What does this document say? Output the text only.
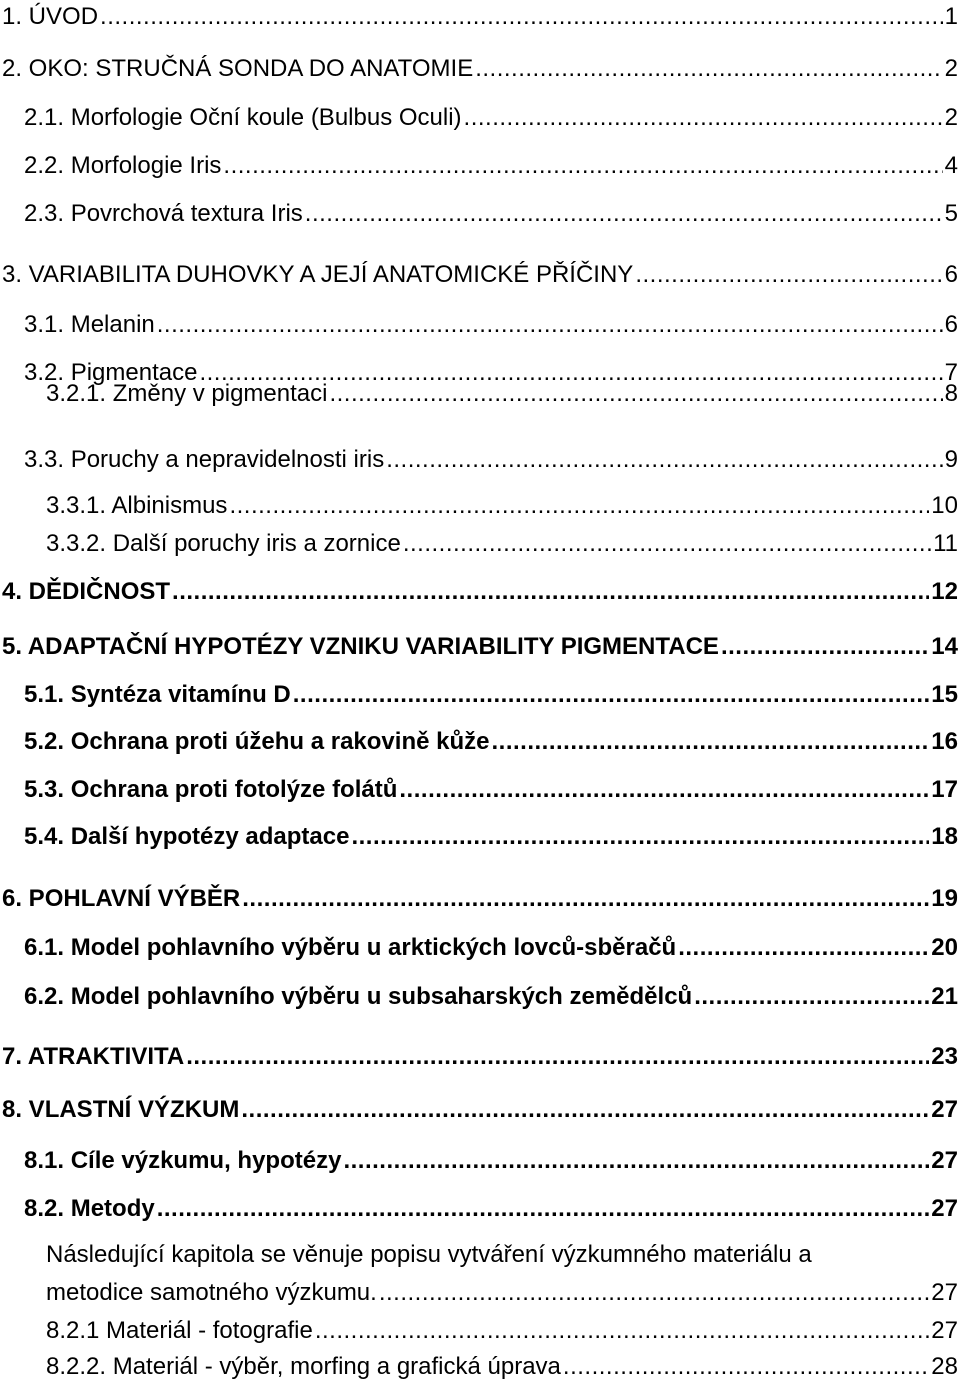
1. ÚVOD .....	1
2. OKO: STRUČNÁ SONDA DO ANATOMIE .....	2
2.1. Morfologie Oční koule (Bulbus Oculi) .....	2
2.2. Morfologie Iris .....	4
2.3. Povrchová textura Iris .....	5
3. VARIABILITA DUHOVKY A JEJÍ ANATOMICKÉ PŘÍČINY .....	6
3.1. Melanin .....	6
3.2. Pigmentace .....	7
3.2.1. Změny v pigmentaci .....	8
3.3. Poruchy a nepravidelnosti iris .....	9
3.3.1. Albinismus .....	10
3.3.2. Další poruchy iris a zornice .....	11
4. DĚDIČNOST .....	12
5. ADAPTAČNÍ HYPOTÉZY VZNIKU VARIABILITY PIGMENTACE .....	14
5.1. Syntéza vitamínu D .....	15
5.2. Ochrana proti úžehu a rakovině kůže .....	16
5.3. Ochrana proti fotolýze folátů .....	17
5.4. Další hypotézy adaptace .....	18
6. POHLAVNÍ VÝBĚR .....	19
6.1. Model pohlavního výběru u arktických lovců-sběračů .....	20
6.2. Model pohlavního výběru u subsaharských zemědělců .....	21
7. ATRAKTIVITA .....	23
8. VLASTNÍ VÝZKUM .....	27
8.1. Cíle výzkumu, hypotézy .....	27
8.2. Metody .....	27
Následující kapitola se věnuje popisu vytváření výzkumného materiálu a
metodice samotného výzkumu. .....	27
8.2.1 Materiál - fotografie .....	27
8.2.2. Materiál - výběr, morfing a grafická úprava .....	28
